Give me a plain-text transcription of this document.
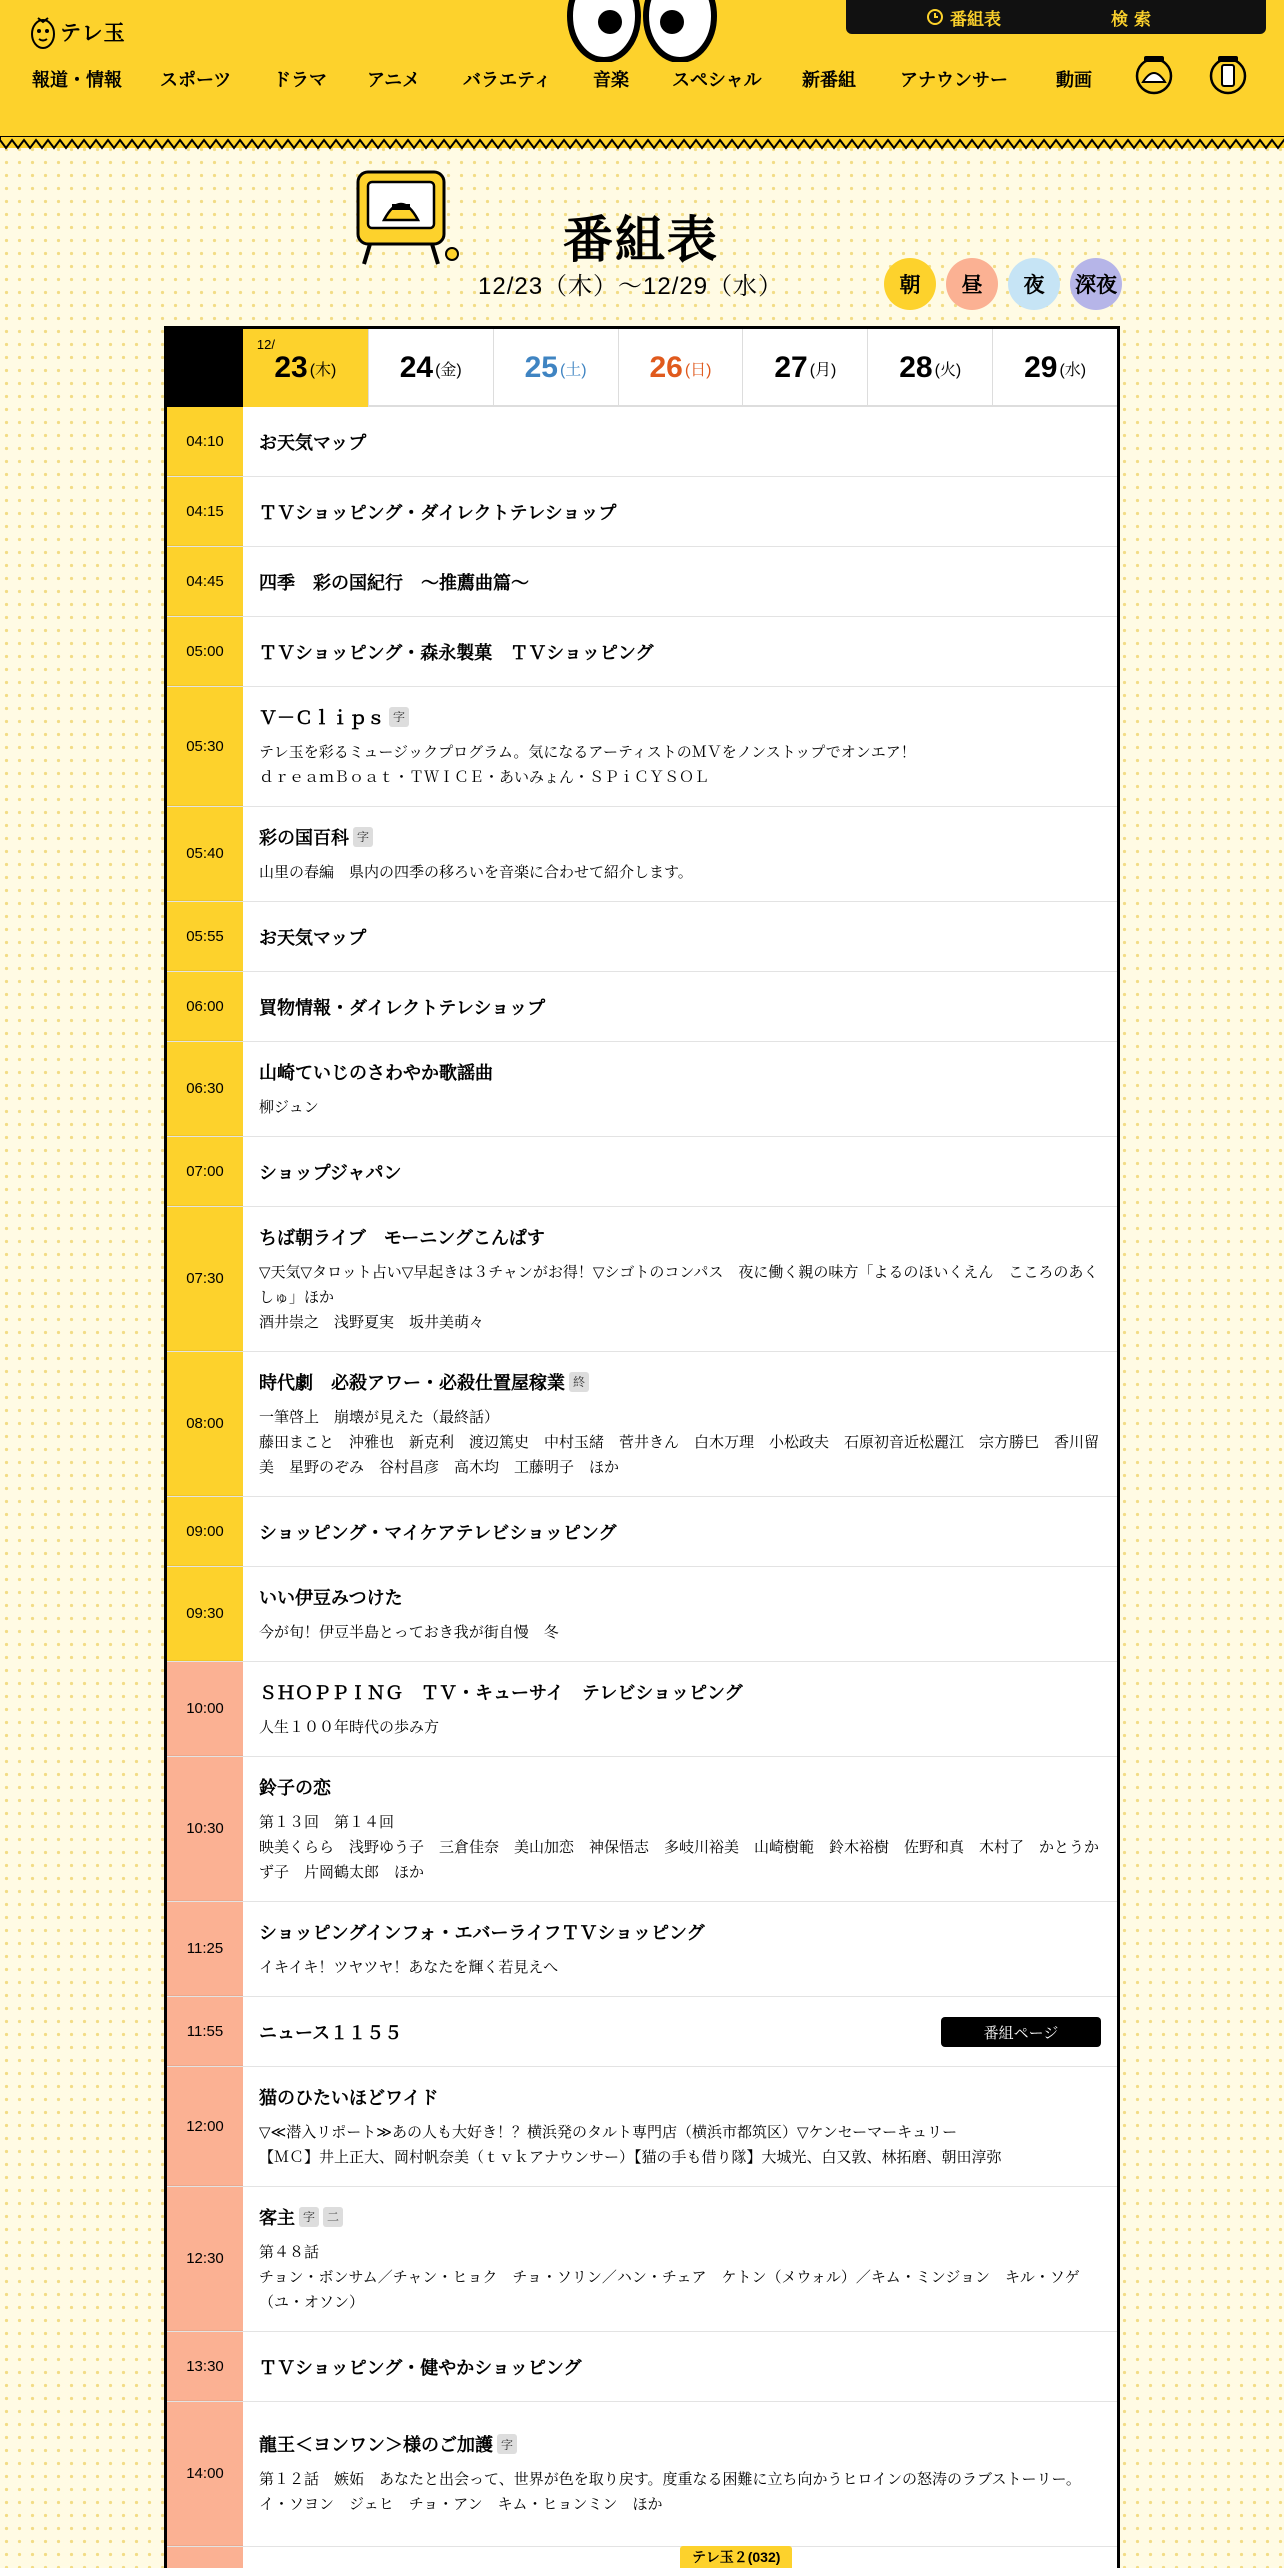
テレ玉
番組表	検索
報道・情報 スポーツ ドラマ アニメ バラエティ 音楽 スペシャル 新番組 アナウンサー	動画
番組表
12/23（木）〜12/29（水）	朝	昼	夜	深夜
12/
23 (木) 24 (金) 25 (土) 26 (日) 27 (月) 28 (火) 29 (水)
04:10	お天気マップ
04:15	ＴＶショッピング・ダイレクトテレショップ
04:45	四季　彩の国紀行　～推薦曲篇～
05:00	ＴＶショッピング・森永製菓　ＴＶショッピング
05:30
Ｖ－Ｃｌｉｐｓ 字
テレ玉を彩るミュージックプログラム。気になるアーティストのＭＶをノンストップでオンエア！
ｄｒｅａｍＢｏａｔ・ＴＷＩＣＥ・あいみょん・ＳＰｉＣＹＳＯＬ
05:40
彩の国百科 字
山里の春編　県内の四季の移ろいを音楽に合わせて紹介します。
05:55	お天気マップ
06:00	買物情報・ダイレクトテレショップ
06:30
山崎ていじのさわやか歌謡曲
柳ジュン
07:00	ショップジャパン
07:30
ちば朝ライブ　モーニングこんぱす
▽天気▽タロット占い▽早起きは３チャンがお得！▽シゴトのコンパス　夜に働く親の味方「よるのほいくえん　こころのあくしゅ」ほか
酒井崇之　浅野夏実　坂井美萌々
08:00
時代劇　必殺アワー・必殺仕置屋稼業 終
一筆啓上　崩壊が見えた（最終話）
藤田まこと　沖雅也　新克利　渡辺篤史　中村玉緒　菅井きん　白木万理　小松政夫　石原初音近松麗江　宗方勝巳　香川留美　星野のぞみ　谷村昌彦　高木均　工藤明子　ほか
09:00	ショッピング・マイケアテレビショッピング
09:30
いい伊豆みつけた
今が旬！伊豆半島とっておき我が街自慢　冬
10:00
ＳＨＯＰＰＩＮＧ　ＴＶ・キューサイ　テレビショッピング
人生１００年時代の歩み方
10:30
鈴子の恋
第１３回　第１４回
映美くらら　浅野ゆう子　三倉佳奈　美山加恋　神保悟志　多岐川裕美　山崎樹範　鈴木裕樹　佐野和真　木村了　かとうかず子　片岡鶴太郎　ほか
11:25
ショッピングインフォ・エバーライフＴＶショッピング
イキイキ！ツヤツヤ！あなたを輝く若見えへ
11:55	ニュース１１５５	番組ページ
12:00
猫のひたいほどワイド
▽≪潜入リポート≫あの人も大好き！？横浜発のタルト専門店（横浜市都筑区）▽ケンセーマーキュリー
【ＭＣ】井上正大、岡村帆奈美（ｔｖｋアナウンサー）【猫の手も借り隊】大城光、白又敦、林拓磨、朝田淳弥
12:30
客主 字 二
第４８話
チョン・ボンサム／チャン・ヒョク　チョ・ソリン／ハン・チェア　ケトン（メウォル）／キム・ミンジョン　キル・ソゲ（ユ・オソン）
13:30	ＴＶショッピング・健やかショッピング
14:00
龍王＜ヨンワン＞様のご加護 字
第１２話　嫉妬　あなたと出会って、世界が色を取り戻す。度重なる困難に立ち向かうヒロインの怒涛のラブストーリー。
イ・ソヨン　ジェヒ　チョ・アン　キム・ヒョンミン　ほか
テレ玉２(032)
